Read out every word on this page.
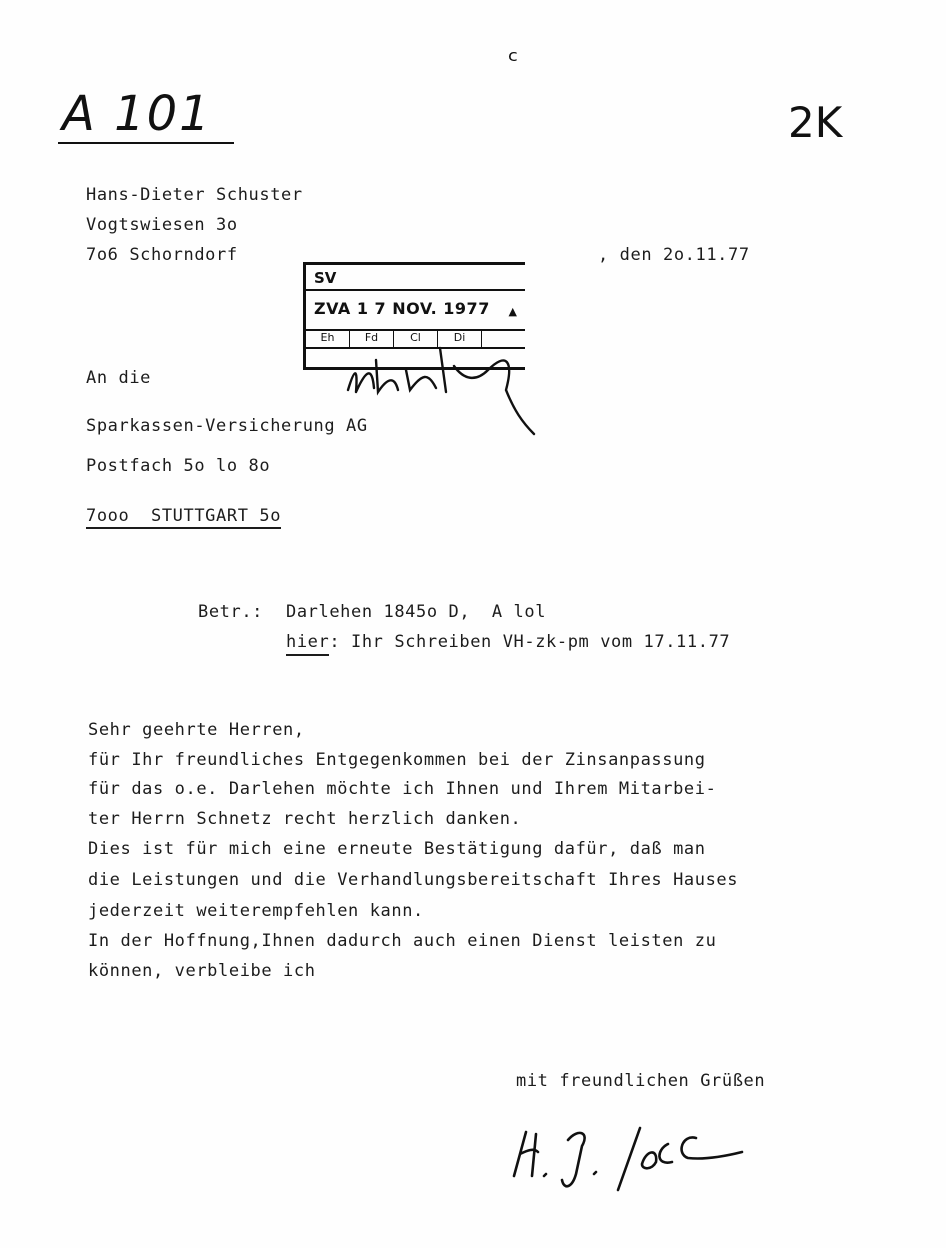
A 101
ᶜ
2K
Hans-Dieter Schuster
Vogtswiesen 3o
7o6 Schorndorf	, den 2o.11.77
SV
ZVA 1 7 NOV. 1977 ▲
Eh	Fd	Cl	Di
An die
Sparkassen-Versicherung AG
Postfach 5o lo 8o
7ooo  STUTTGART 5o
Betr.: Darlehen 1845o D,  A lol
hier: Ihr Schreiben VH-zk-pm vom 17.11.77
Sehr geehrte Herren,
für Ihr freundliches Entgegenkommen bei der Zinsanpassung
für das o.e. Darlehen möchte ich Ihnen und Ihrem Mitarbei-
ter Herrn Schnetz recht herzlich danken.
Dies ist für mich eine erneute Bestätigung dafür, daß man
die Leistungen und die Verhandlungsbereitschaft Ihres Hauses
jederzeit weiterempfehlen kann.
In der Hoffnung,Ihnen dadurch auch einen Dienst leisten zu
können, verbleibe ich
mit freundlichen Grüßen
